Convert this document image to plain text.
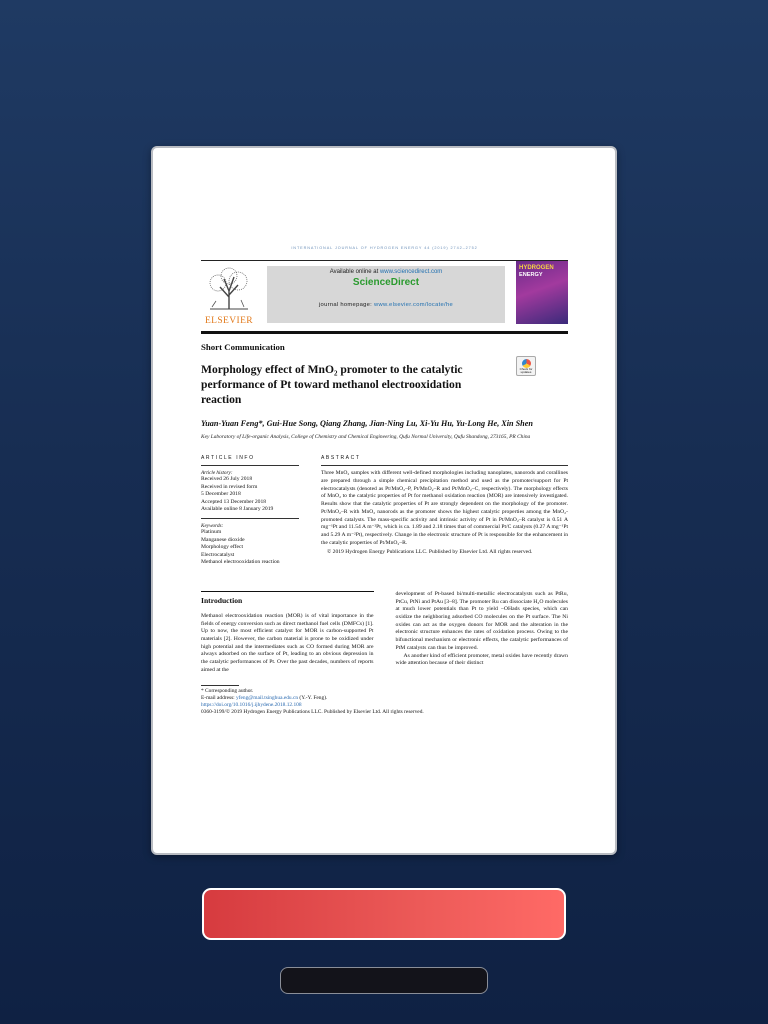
INTERNATIONAL JOURNAL OF HYDROGEN ENERGY 44 (2019) 2742–2752
ELSEVIER
Available online at www.sciencedirect.com
ScienceDirect
journal homepage: www.elsevier.com/locate/he
HYDROGEN
ENERGY
Short Communication
Morphology effect of MnO₂ promoter to the catalytic performance of Pt toward methanol electrooxidation reaction
Check for updates
Yuan-Yuan Feng*, Gui-Hue Song, Qiang Zhang, Jian-Ning Lu, Xi-Yu Hu, Yu-Long He, Xin Shen
Key Laboratory of Life-organic Analysis, College of Chemistry and Chemical Engineering, Qufu Normal University, Qufu Shandong, 273165, PR China
ARTICLE INFO
Article history:
Received 26 July 2018
Received in revised form
5 December 2018
Accepted 13 December 2018
Available online 8 January 2019
Keywords:
Platinum
Manganese dioxide
Morphology effect
Electrocatalyst
Methanol electrooxidation reaction
ABSTRACT
Three MnO₂ samples with different well-defined morphologies including nanoplates, nanorods and corallines are prepared through a simple chemical precipitation method and used as the promoter/support for Pt electrocatalysts (denoted as Pt/MnO₂–P, Pt/MnO₂–R and Pt/MnO₂–C, respectively). The morphology effects of MnO₂ to the catalytic properties of Pt for methanol oxidation reaction (MOR) are intensively investigated. Results show that the catalytic properties of Pt are strongly dependent on the morphology of the promoter. Pt/MnO₂–R with MnO₂ nanorods as the promoter shows the highest catalytic properties among the MnO₂-promoted catalysts. The mass-specific activity and intrinsic activity of Pt in Pt/MnO₂–R catalyst is 0.51 A mg⁻¹Pt and 11.54 A m⁻²Pt, which is ca. 1.89 and 2.18 times that of commercial Pt/C catalysts (0.27 A mg⁻¹Pt and 5.29 A m⁻²Pt), respectively. Change in the electronic structure of Pt is responsible for the enhancement in the catalytic properties of Pt/MnO₂–R.
© 2019 Hydrogen Energy Publications LLC. Published by Elsevier Ltd. All rights reserved.
Introduction
Methanol electrooxidation reaction (MOR) is of vital importance in the fields of energy conversion such as direct methanol fuel cells (DMFCs) [1]. Up to now, the most efficient catalyst for MOR is carbon-supported Pt materials [2]. However, the carbon material is prone to be oxidized under high potential and the intermediates such as CO formed during MOR are always adsorbed on the surface of Pt, leading to an obvious depression in the catalytic performances of Pt. Over the past decades, numbers of reports aimed at the
development of Pt-based bi/multi-metallic electrocatalysts such as PtRu, PtCu, PtNi and PtAu [3–8]. The promoter Ru can dissociate H₂O molecules at much lower potentials than Pt to yield −OHads species, which can oxidize the neighboring adsorbed CO molecules on the Pt surface. The Ni oxides can act as the oxygen donors for MOR and the alteration in the electronic structure enhances the rates of oxidation process. Owing to the bifunctional mechanism or electronic effects, the catalytic performances of PtM catalysts can thus be improved.
As another kind of efficient promoter, metal oxides have recently drawn wide attention because of their distinct
* Corresponding author.
E-mail address: yfeng@mail.tsinghua.edu.cn (Y.-Y. Feng).
https://doi.org/10.1016/j.ijhydene.2018.12.108
0360-3199/© 2019 Hydrogen Energy Publications LLC. Published by Elsevier Ltd. All rights reserved.
